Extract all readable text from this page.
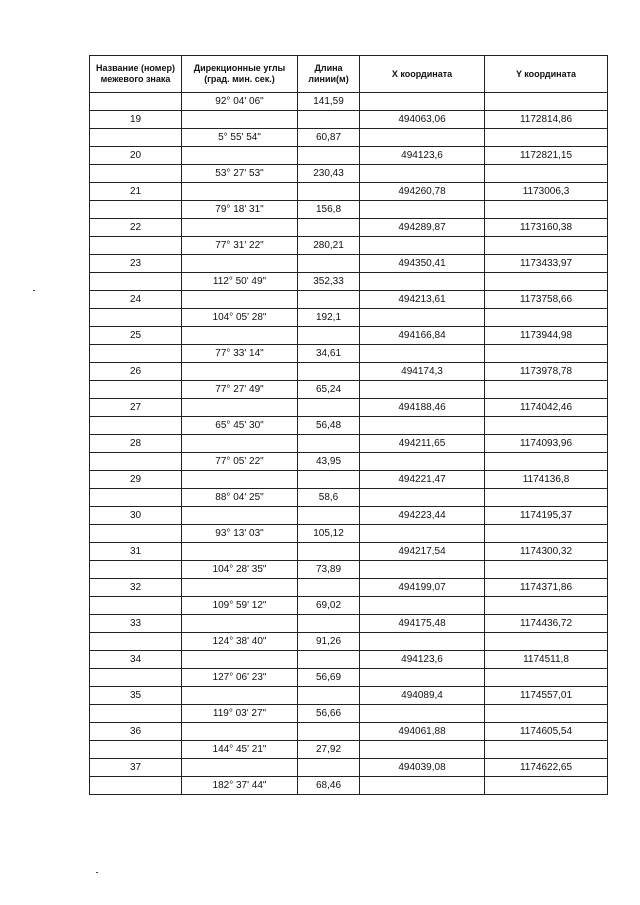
Название (номер) межевого знака	Дирекционные углы (град. мин. сек.)	Длина линии(м)	X координата	Y координата
	92° 04' 06"	141,59		
19			494063,06	1172814,86
	5° 55' 54"	60,87		
20			494123,6	1172821,15
	53° 27' 53"	230,43		
21			494260,78	1173006,3
	79° 18' 31"	156,8		
22			494289,87	1173160,38
	77° 31' 22"	280,21		
23			494350,41	1173433,97
	112° 50' 49"	352,33		
24			494213,61	1173758,66
	104° 05' 28"	192,1		
25			494166,84	1173944,98
	77° 33' 14"	34,61		
26			494174,3	1173978,78
	77° 27' 49"	65,24		
27			494188,46	1174042,46
	65° 45' 30"	56,48		
28			494211,65	1174093,96
	77° 05' 22"	43,95		
29			494221,47	1174136,8
	88° 04' 25"	58,6		
30			494223,44	1174195,37
	93° 13' 03"	105,12		
31			494217,54	1174300,32
	104° 28' 35"	73,89		
32			494199,07	1174371,86
	109° 59' 12"	69,02		
33			494175,48	1174436,72
	124° 38' 40"	91,26		
34			494123,6	1174511,8
	127° 06' 23"	56,69		
35			494089,4	1174557,01
	119° 03' 27"	56,66		
36			494061,88	1174605,54
	144° 45' 21"	27,92		
37			494039,08	1174622,65
	182° 37' 44"	68,46		
